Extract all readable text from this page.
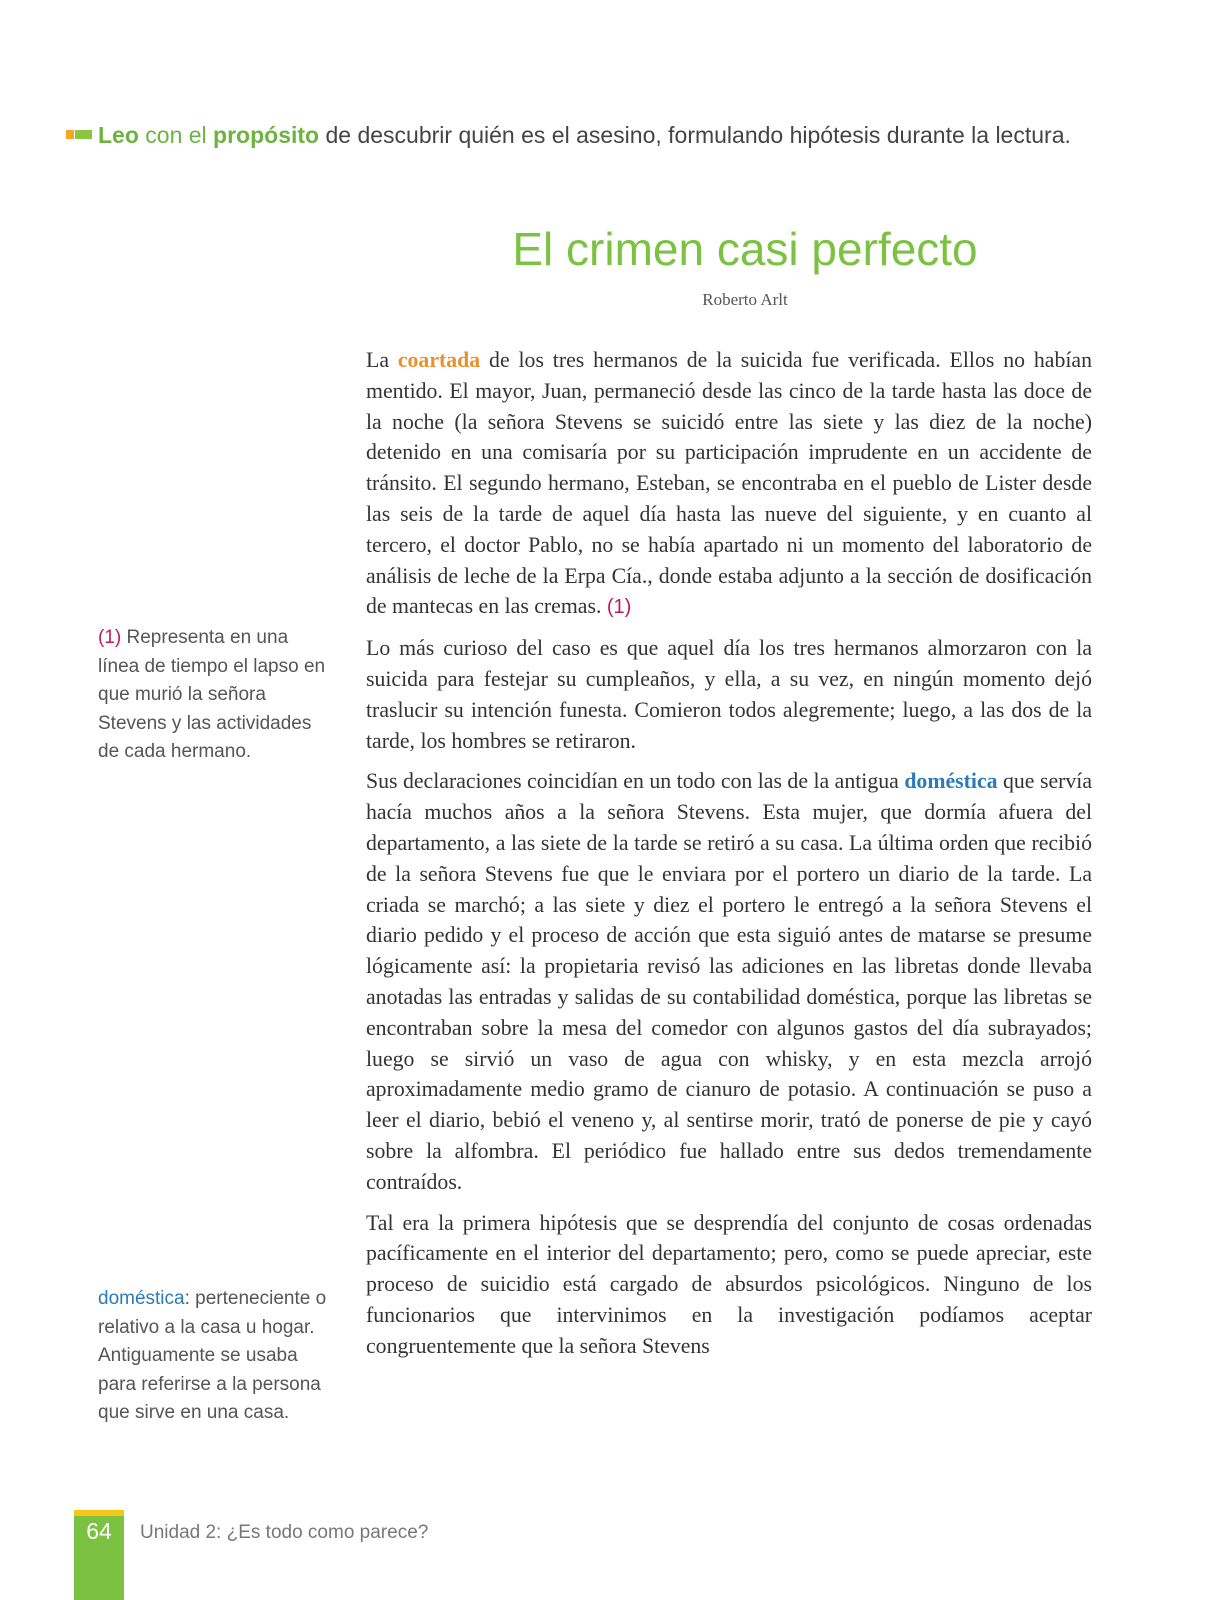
Leo con el propósito de descubrir quién es el asesino, formulando hipótesis durante la lectura.
El crimen casi perfecto
Roberto Arlt

La coartada de los tres hermanos de la suicida fue verificada. Ellos no habían mentido. El mayor, Juan, permaneció desde las cinco de la tarde hasta las doce de la noche (la señora Stevens se suicidó entre las siete y las diez de la noche) detenido en una comisaría por su participación imprudente en un accidente de tránsito. El segundo hermano, Esteban, se encontraba en el pueblo de Lister desde las seis de la tarde de aquel día hasta las nueve del siguiente, y en cuanto al tercero, el doctor Pablo, no se había apartado ni un momento del laboratorio de análisis de leche de la Erpa Cía., donde estaba adjunto a la sección de dosificación de mantecas en las cremas. (1)

Lo más curioso del caso es que aquel día los tres hermanos almorzaron con la suicida para festejar su cumpleaños, y ella, a su vez, en ningún momento dejó traslucir su intención funesta. Comieron todos alegremente; luego, a las dos de la tarde, los hombres se retiraron.

Sus declaraciones coincidían en un todo con las de la antigua doméstica que servía hacía muchos años a la señora Stevens. Esta mujer, que dormía afuera del departamento, a las siete de la tarde se retiró a su casa. La última orden que recibió de la señora Stevens fue que le enviara por el portero un diario de la tarde. La criada se marchó; a las siete y diez el portero le entregó a la señora Stevens el diario pedido y el proceso de acción que esta siguió antes de matarse se presume lógicamente así: la propietaria revisó las adiciones en las libretas donde llevaba anotadas las entradas y salidas de su contabilidad doméstica, porque las libretas se encontraban sobre la mesa del comedor con algunos gastos del día subrayados; luego se sirvió un vaso de agua con whisky, y en esta mezcla arrojó aproximadamente medio gramo de cianuro de potasio. A continuación se puso a leer el diario, bebió el veneno y, al sentirse morir, trató de ponerse de pie y cayó sobre la alfombra. El periódico fue hallado entre sus dedos tremendamente contraídos.

Tal era la primera hipótesis que se desprendía del conjunto de cosas ordenadas pacíficamente en el interior del departamento; pero, como se puede apreciar, este proceso de suicidio está cargado de absurdos psicológicos. Ninguno de los funcionarios que intervinimos en la investigación podíamos aceptar congruentemente que la señora Stevens

(1) Representa en una línea de tiempo el lapso en que murió la señora Stevens y las actividades de cada hermano.
doméstica: perteneciente o relativo a la casa u hogar. Antiguamente se usaba para referirse a la persona que sirve en una casa.
64	Unidad 2: ¿Es todo como parece?
